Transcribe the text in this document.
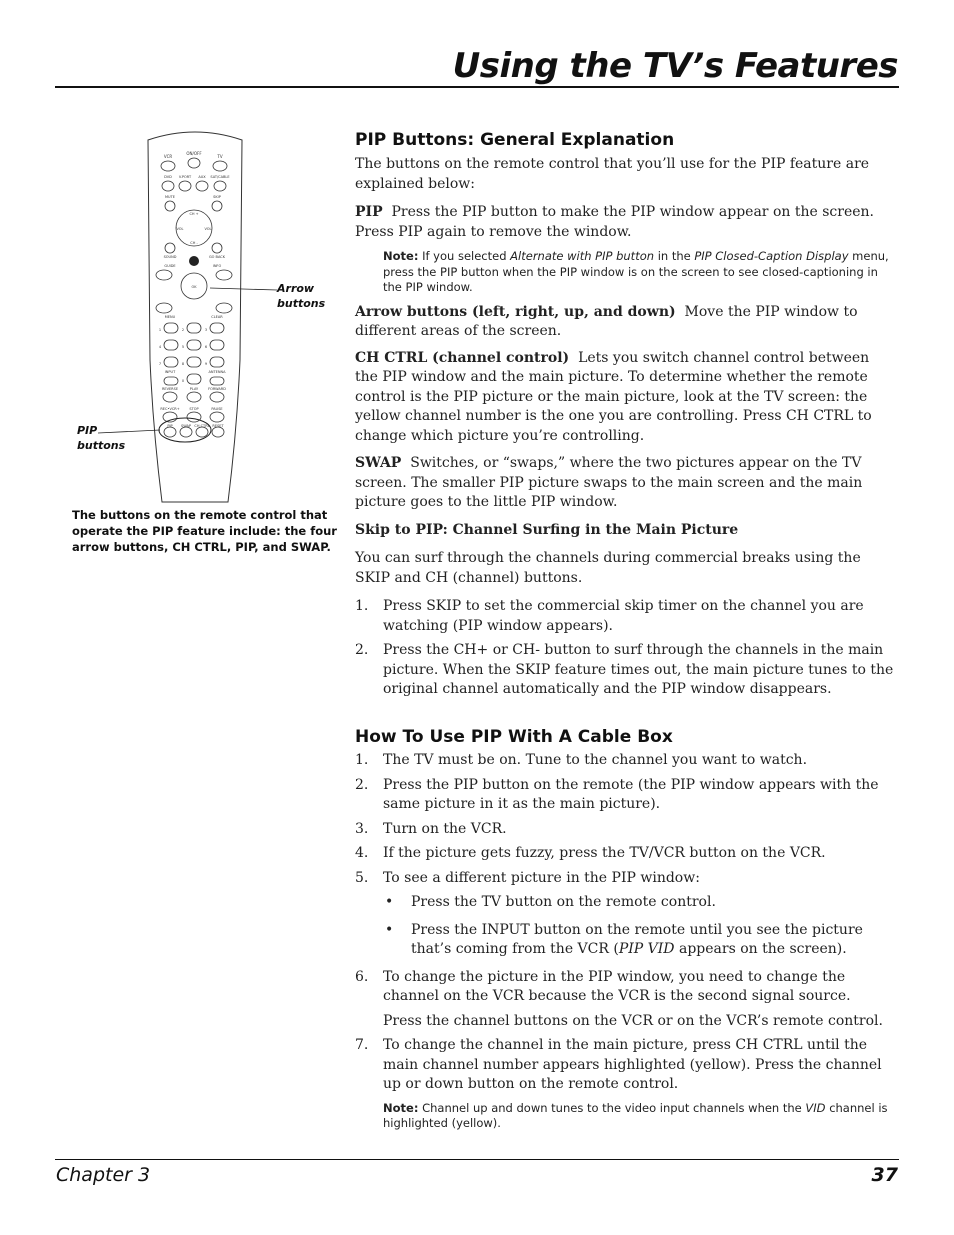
Using the TV’s Features
VCR
ON/OFF
TV
DVD V.PORT AUX SAT/CABLE
MUTE	SKIP
CH +
CH -
VOL	VOL
SOUND	GO BACK
GUIDE	INFO
OK
MENU	CLEAR
1	2	3
4	5	6
7	8	9
0
INPUT	ANTENNA
REVERSE	PLAY	FORWARD
REC•VCR+	STOP	PAUSE
PIP SWAP CH CTRL RESET
Arrow
buttons
PIP
buttons
The buttons on the remote control that operate the PIP feature include: the four arrow buttons, CH CTRL, PIP, and SWAP.
PIP Buttons: General Explanation

The buttons on the remote control that you’ll use for the PIP feature are explained below:

PIP Press the PIP button to make the PIP window appear on the screen. Press PIP again to remove the window.

Note: If you selected Alternate with PIP button in the PIP Closed-Caption Display menu, press the PIP button when the PIP window is on the screen to see closed-captioning in the PIP window.

Arrow buttons (left, right, up, and down) Move the PIP window to different areas of the screen.

CH CTRL (channel control) Lets you switch channel control between the PIP window and the main picture. To determine whether the remote control is the PIP picture or the main picture, look at the TV screen: the yellow channel number is the one you are controlling. Press CH CTRL to change which picture you’re controlling.

SWAP Switches, or “swaps,” where the two pictures appear on the TV screen. The smaller PIP picture swaps to the main screen and the main picture goes to the little PIP window.

Skip to PIP: Channel Surfing in the Main Picture

You can surf through the channels during commercial breaks using the SKIP and CH (channel) buttons.

1. Press SKIP to set the commercial skip timer on the channel you are watching (PIP window appears).
2. Press the CH+ or CH- button to surf through the channels in the main picture. When the SKIP feature times out, the main picture tunes to the original channel automatically and the PIP window disappears.
How To Use PIP With A Cable Box
1. The TV must be on. Tune to the channel you want to watch.
2. Press the PIP button on the remote (the PIP window appears with the same picture in it as the main picture).
3. Turn on the VCR.
4. If the picture gets fuzzy, press the TV/VCR button on the VCR.
5. To see a different picture in the PIP window:
• Press the TV button on the remote control.
• Press the INPUT button on the remote until you see the picture that’s coming from the VCR (PIP VID appears on the screen).
6. To change the picture in the PIP window, you need to change the channel on the VCR because the VCR is the second signal source.
Press the channel buttons on the VCR or on the VCR’s remote control.
7. To change the channel in the main picture, press CH CTRL until the main channel number appears highlighted (yellow). Press the channel up or down button on the remote control.

Note: Channel up and down tunes to the video input channels when the VID channel is highlighted (yellow).

Chapter 3	37
